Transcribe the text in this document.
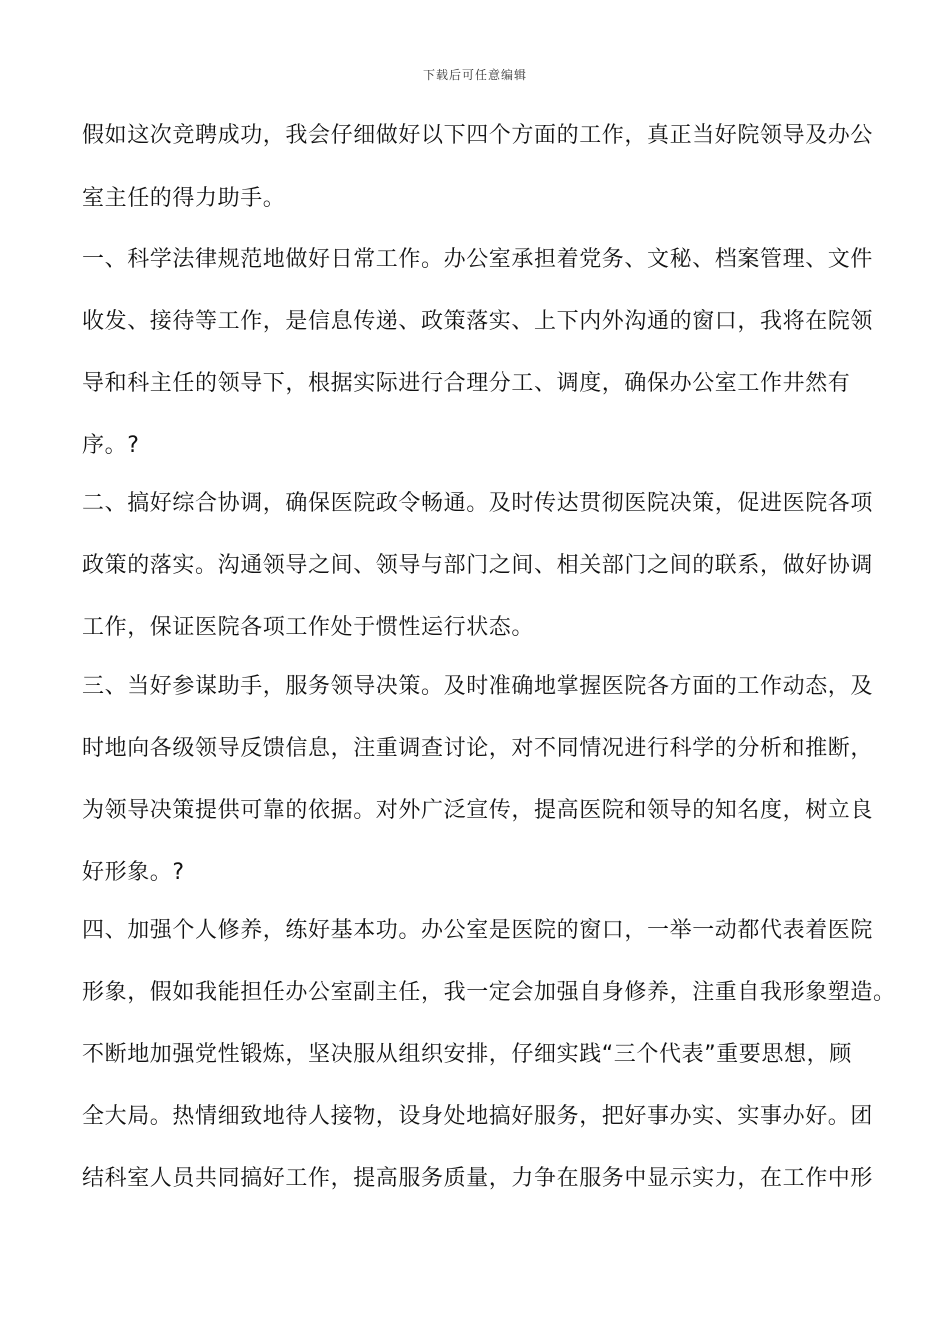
下载后可任意编辑
假如这次竞聘成功，我会仔细做好以下四个方面的工作，真正当好院领导及办公
室主任的得力助手。
一、科学法律规范地做好日常工作。办公室承担着党务、文秘、档案管理、文件
收发、接待等工作，是信息传递、政策落实、上下内外沟通的窗口，我将在院领
导和科主任的领导下，根据实际进行合理分工、调度，确保办公室工作井然有
序。?
二、搞好综合协调，确保医院政令畅通。及时传达贯彻医院决策，促进医院各项
政策的落实。沟通领导之间、领导与部门之间、相关部门之间的联系，做好协调
工作，保证医院各项工作处于惯性运行状态。
三、当好参谋助手，服务领导决策。及时准确地掌握医院各方面的工作动态，及
时地向各级领导反馈信息，注重调查讨论，对不同情况进行科学的分析和推断，
为领导决策提供可靠的依据。对外广泛宣传，提高医院和领导的知名度，树立良
好形象。?
四、加强个人修养，练好基本功。办公室是医院的窗口，一举一动都代表着医院
形象，假如我能担任办公室副主任，我一定会加强自身修养，注重自我形象塑造。
不断地加强党性锻炼，坚决服从组织安排，仔细实践“三个代表”重要思想，顾
全大局。热情细致地待人接物，设身处地搞好服务，把好事办实、实事办好。团
结科室人员共同搞好工作，提高服务质量，力争在服务中显示实力，在工作中形
